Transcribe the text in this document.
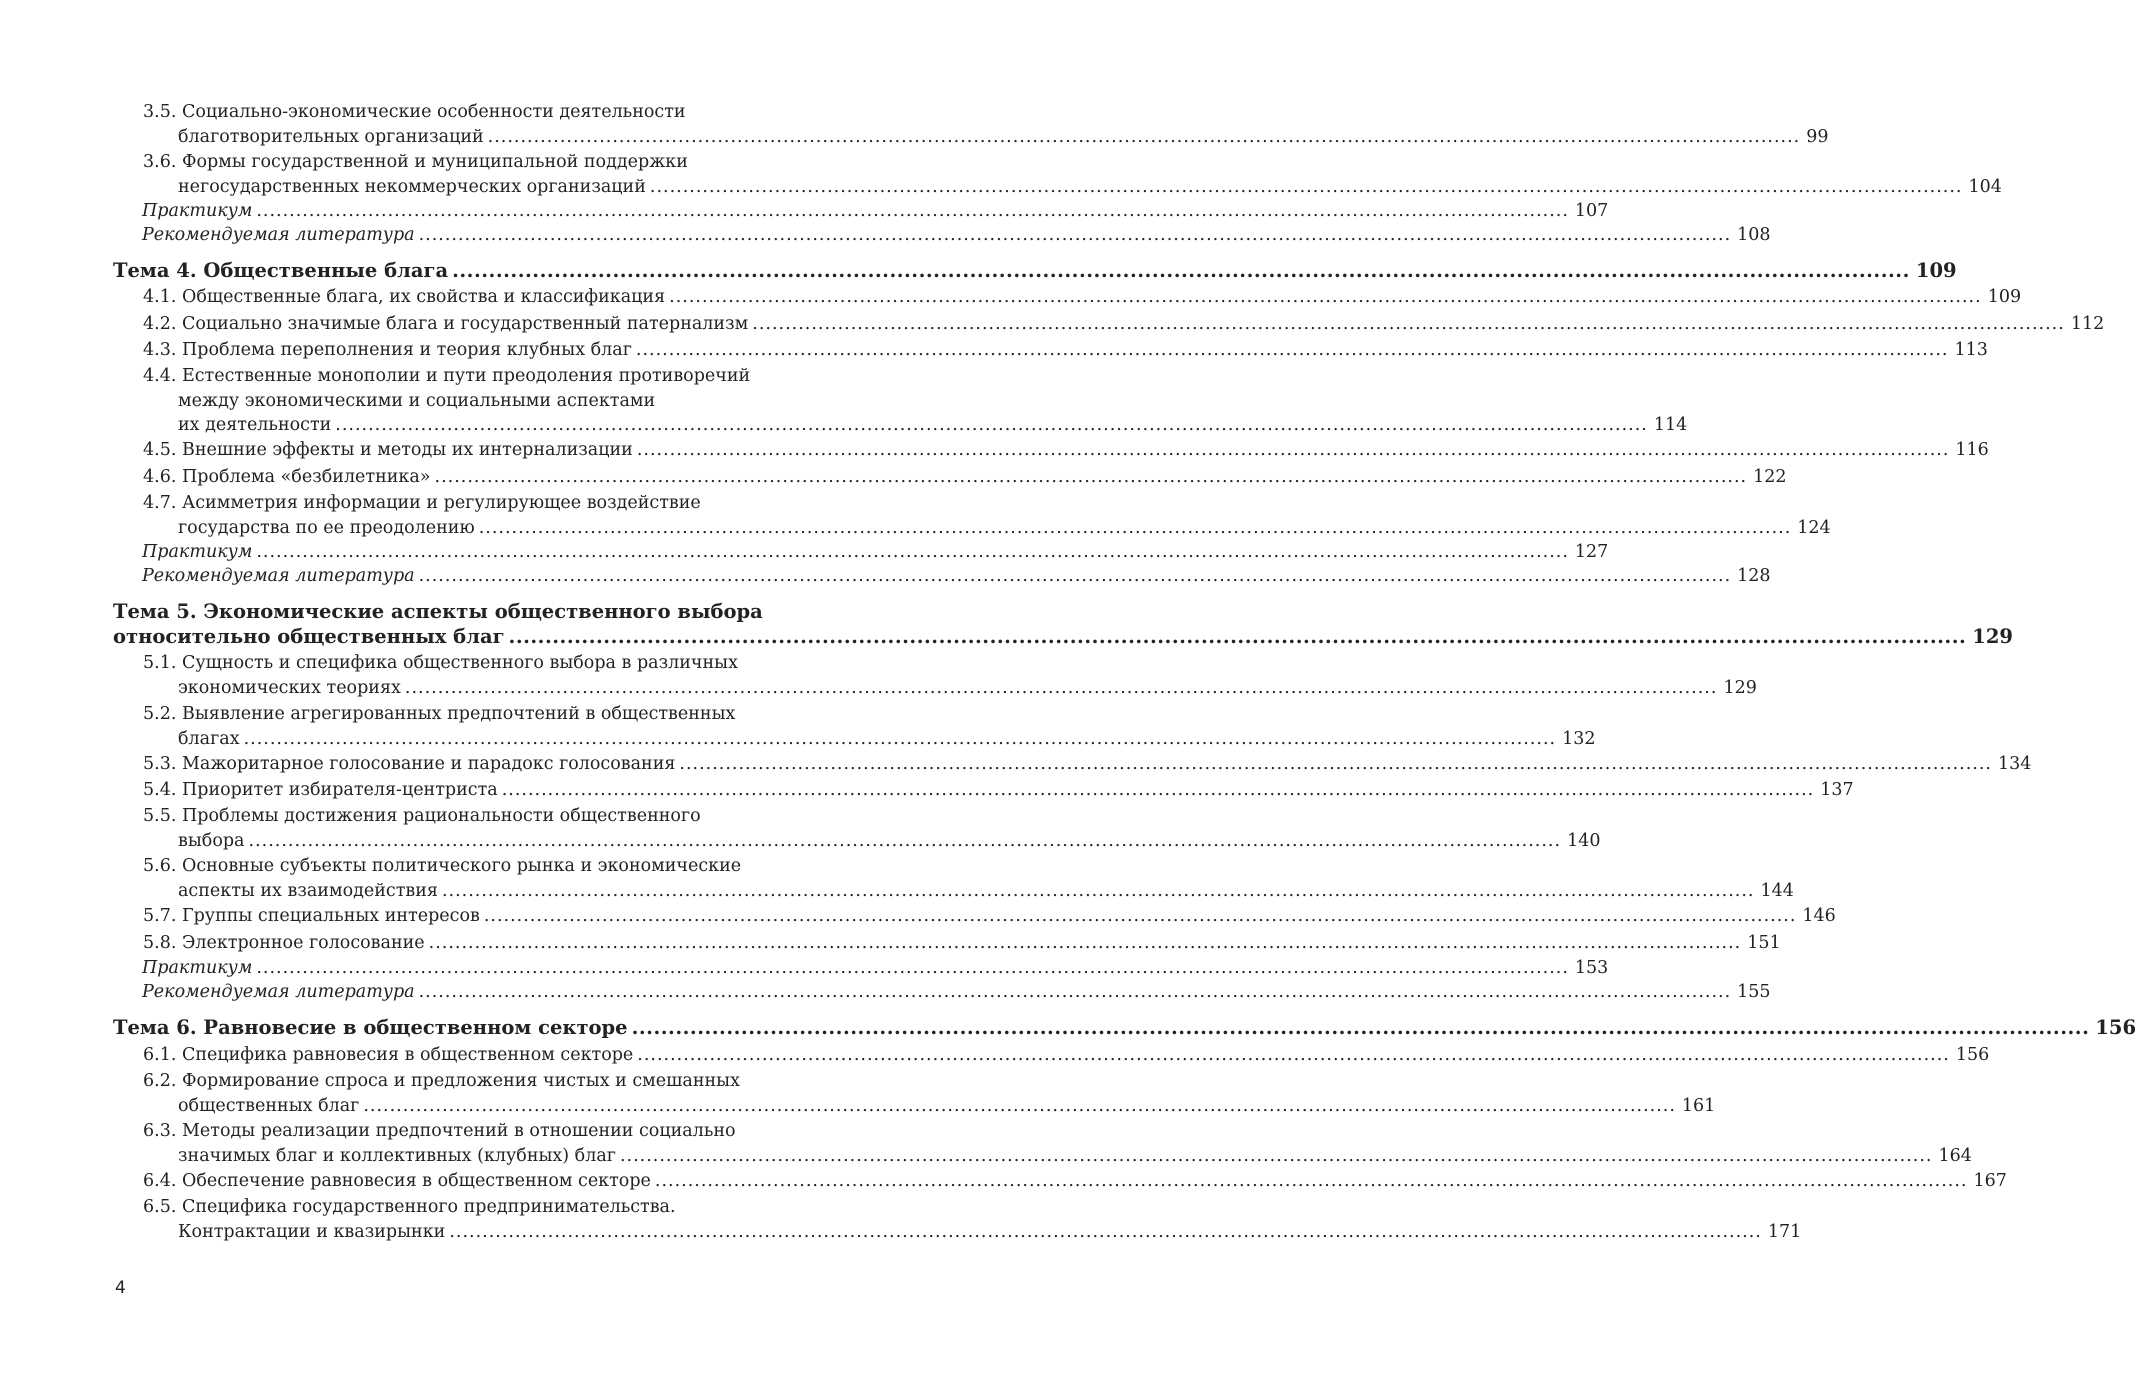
3.5. Социально-экономические особенности деятельности
благотворительных организаций .....	99
3.6. Формы государственной и муниципальной поддержки
негосударственных некоммерческих организаций .....	104
Практикум .....	107
Рекомендуемая литература .....	108
Тема 4. Общественные блага .....	109
4.1. Общественные блага, их свойства и классификация .....	109
4.2. Социально значимые блага и государственный патернализм .....	112
4.3. Проблема переполнения и теория клубных благ .....	113
4.4. Естественные монополии и пути преодоления противоречий
между экономическими и социальными аспектами
их деятельности .....	114
4.5. Внешние эффекты и методы их интернализации .....	116
4.6. Проблема «безбилетника» .....	122
4.7. Асимметрия информации и регулирующее воздействие
государства по ее преодолению .....	124
Практикум .....	127
Рекомендуемая литература .....	128
Тема 5. Экономические аспекты общественного выбора
относительно общественных благ .....	129
5.1. Сущность и специфика общественного выбора в различных
экономических теориях .....	129
5.2. Выявление агрегированных предпочтений в общественных
благах .....	132
5.3. Мажоритарное голосование и парадокс голосования .....	134
5.4. Приоритет избирателя-центриста .....	137
5.5. Проблемы достижения рациональности общественного
выбора .....	140
5.6. Основные субъекты политического рынка и экономические
аспекты их взаимодействия .....	144
5.7. Группы специальных интересов .....	146
5.8. Электронное голосование .....	151
Практикум .....	153
Рекомендуемая литература .....	155
Тема 6. Равновесие в общественном секторе .....	156
6.1. Специфика равновесия в общественном секторе .....	156
6.2. Формирование спроса и предложения чистых и смешанных
общественных благ .....	161
6.3. Методы реализации предпочтений в отношении социально
значимых благ и коллективных (клубных) благ .....	164
6.4. Обеспечение равновесия в общественном секторе .....	167
6.5. Специфика государственного предпринимательства.
Контрактации и квазирынки .....	171
4
